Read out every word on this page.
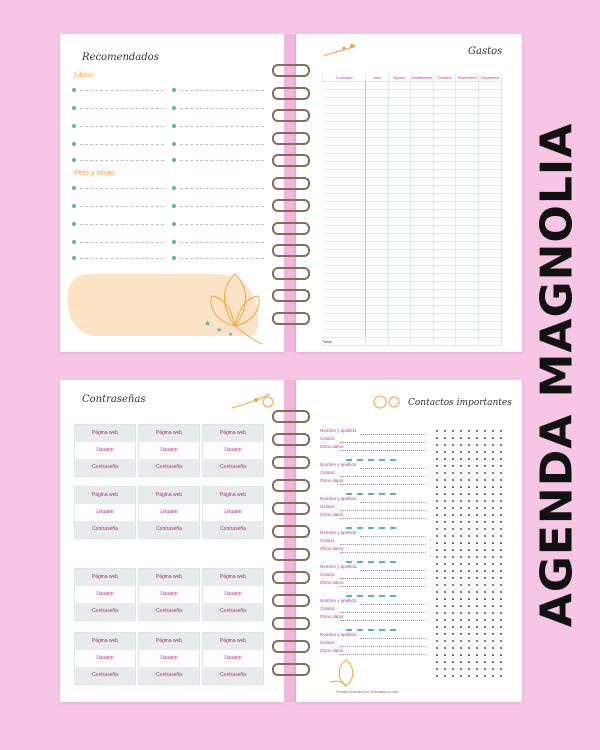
Recomendados
Libros
Pelis y series
★
★
★
Gastos
Concepto	Julio	Agosto	Septiembre	Octubre	Noviembre	Diciembre

Total						
Contraseñas
Página web
Usuario
Contraseña
Página web
Usuario
Contraseña
Página web
Usuario
Contraseña
Página web
Usuario
Contraseña
Página web
Usuario
Contraseña
Página web
Usuario
Contraseña
Página web
Usuario
Contraseña
Página web
Usuario
Contraseña
Página web
Usuario
Contraseña
Página web
Usuario
Contraseña
Página web
Usuario
Contraseña
Página web
Usuario
Contraseña
Contactos importantes
Nombre y apellido:
Celular:
Otros datos:
Nombre y apellido:
Celular:
Otros datos:
Nombre y apellido:
Celular:
Otros datos:
Nombre y apellido:
Celular:
Otros datos:
Nombre y apellido:
Celular:
Otros datos:
Nombre y apellido:
Celular:
Otros datos:
Nombre y apellido:
Celular:
Otros datos:
Plantilla diseñada por @familiaprojs.feliz
AGENDA MAGNOLIA
